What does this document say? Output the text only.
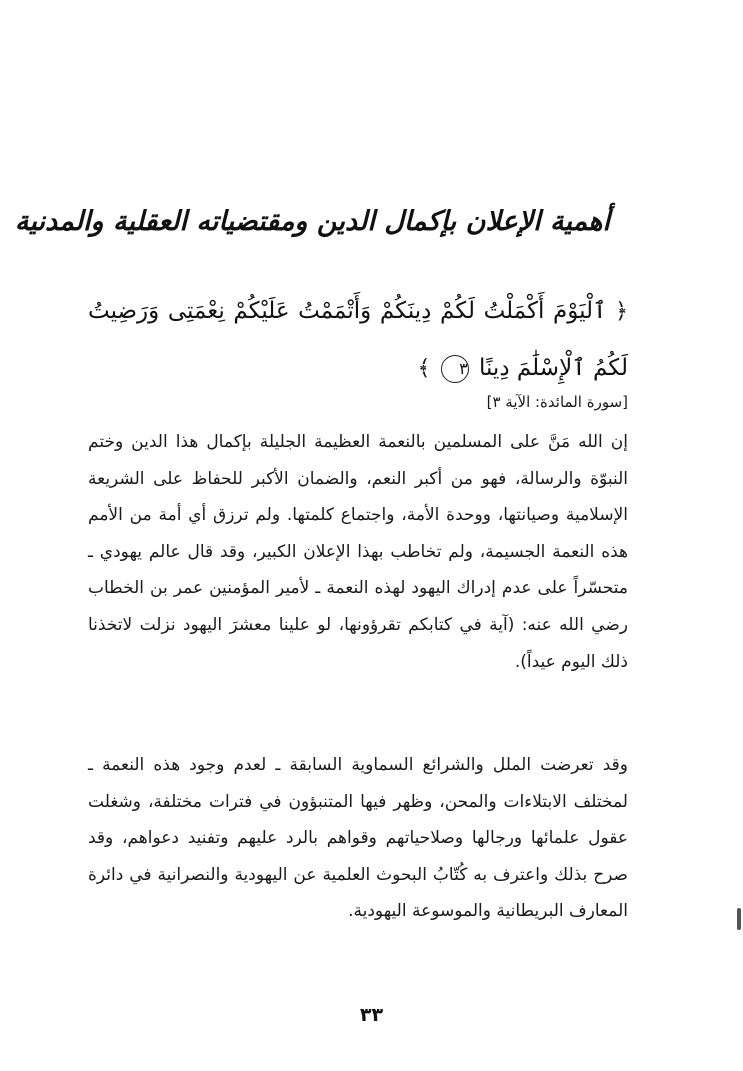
أهمية الإعلان بإكمال الدين ومقتضياته العقلية والمدنية
﴿ ٱلْيَوْمَ أَكْمَلْتُ لَكُمْ دِينَكُمْ وَأَتْمَمْتُ عَلَيْكُمْ نِعْمَتِى وَرَضِيتُ لَكُمُ ٱلْإِسْلَٰمَ دِينًا ٣ ﴾
[سورة المائدة: الآية ٣]

إن الله مَنَّ على المسلمين بالنعمة العظيمة الجليلة بإكمال هذا الدين وختم النبوّة والرسالة، فهو من أكبر النعم، والضمان الأكبر للحفاظ على الشريعة الإسلامية وصيانتها، ووحدة الأمة، واجتماع كلمتها. ولم ترزق أي أمة من الأمم هذه النعمة الجسيمة، ولم تخاطب بهذا الإعلان الكبير، وقد قال عالم يهودي ـ متحسّراً على عدم إدراك اليهود لهذه النعمة ـ لأمير المؤمنين عمر بن الخطاب رضي الله عنه: (آية في كتابكم تقرؤونها، لو علينا معشرَ اليهود نزلت لاتخذنا ذلك اليوم عيداً).

وقد تعرضت الملل والشرائع السماوية السابقة ـ لعدم وجود هذه النعمة ـ لمختلف الابتلاءات والمحن، وظهر فيها المتنبؤون في فترات مختلفة، وشغلت عقول علمائها ورجالها وصلاحياتهم وقواهم بالرد عليهم وتفنيد دعواهم، وقد صرح بذلك واعترف به كُتّابُ البحوث العلمية عن اليهودية والنصرانية في دائرة المعارف البريطانية والموسوعة اليهودية.

٣٣
